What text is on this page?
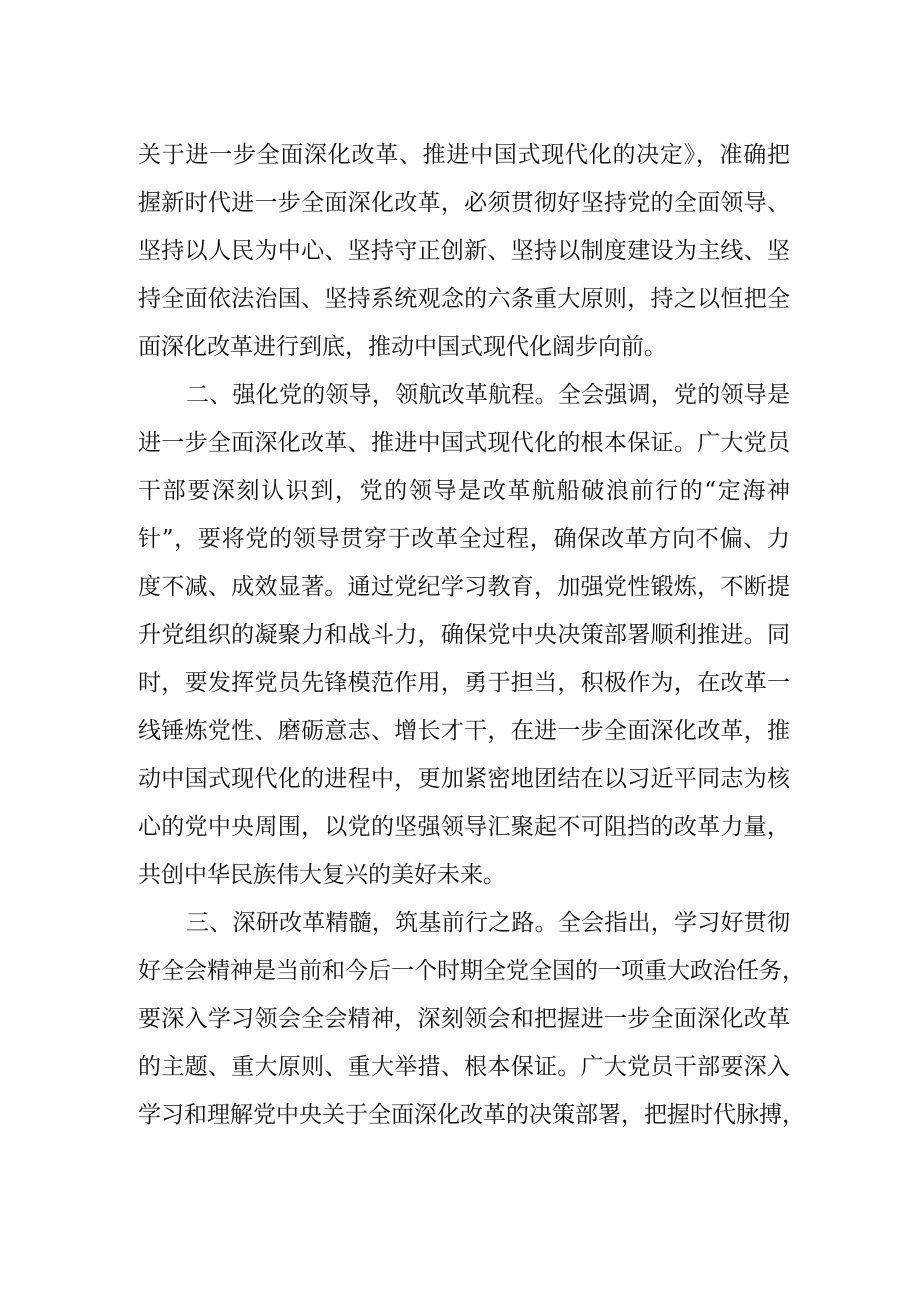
关于进一步全面深化改革、推进中国式现代化的决定》，准确把
握新时代进一步全面深化改革，必须贯彻好坚持党的全面领导、
坚持以人民为中心、坚持守正创新、坚持以制度建设为主线、坚
持全面依法治国、坚持系统观念的六条重大原则，持之以恒把全
面深化改革进行到底，推动中国式现代化阔步向前。
二、强化党的领导，领航改革航程。全会强调，党的领导是
进一步全面深化改革、推进中国式现代化的根本保证。广大党员
干部要深刻认识到，党的领导是改革航船破浪前行的“定海神
针”，要将党的领导贯穿于改革全过程，确保改革方向不偏、力
度不减、成效显著。通过党纪学习教育，加强党性锻炼，不断提
升党组织的凝聚力和战斗力，确保党中央决策部署顺利推进。同
时，要发挥党员先锋模范作用，勇于担当，积极作为，在改革一
线锤炼党性、磨砺意志、增长才干，在进一步全面深化改革，推
动中国式现代化的进程中，更加紧密地团结在以习近平同志为核
心的党中央周围，以党的坚强领导汇聚起不可阻挡的改革力量，
共创中华民族伟大复兴的美好未来。
三、深研改革精髓，筑基前行之路。全会指出，学习好贯彻
好全会精神是当前和今后一个时期全党全国的一项重大政治任务，
要深入学习领会全会精神，深刻领会和把握进一步全面深化改革
的主题、重大原则、重大举措、根本保证。广大党员干部要深入
学习和理解党中央关于全面深化改革的决策部署，把握时代脉搏，
